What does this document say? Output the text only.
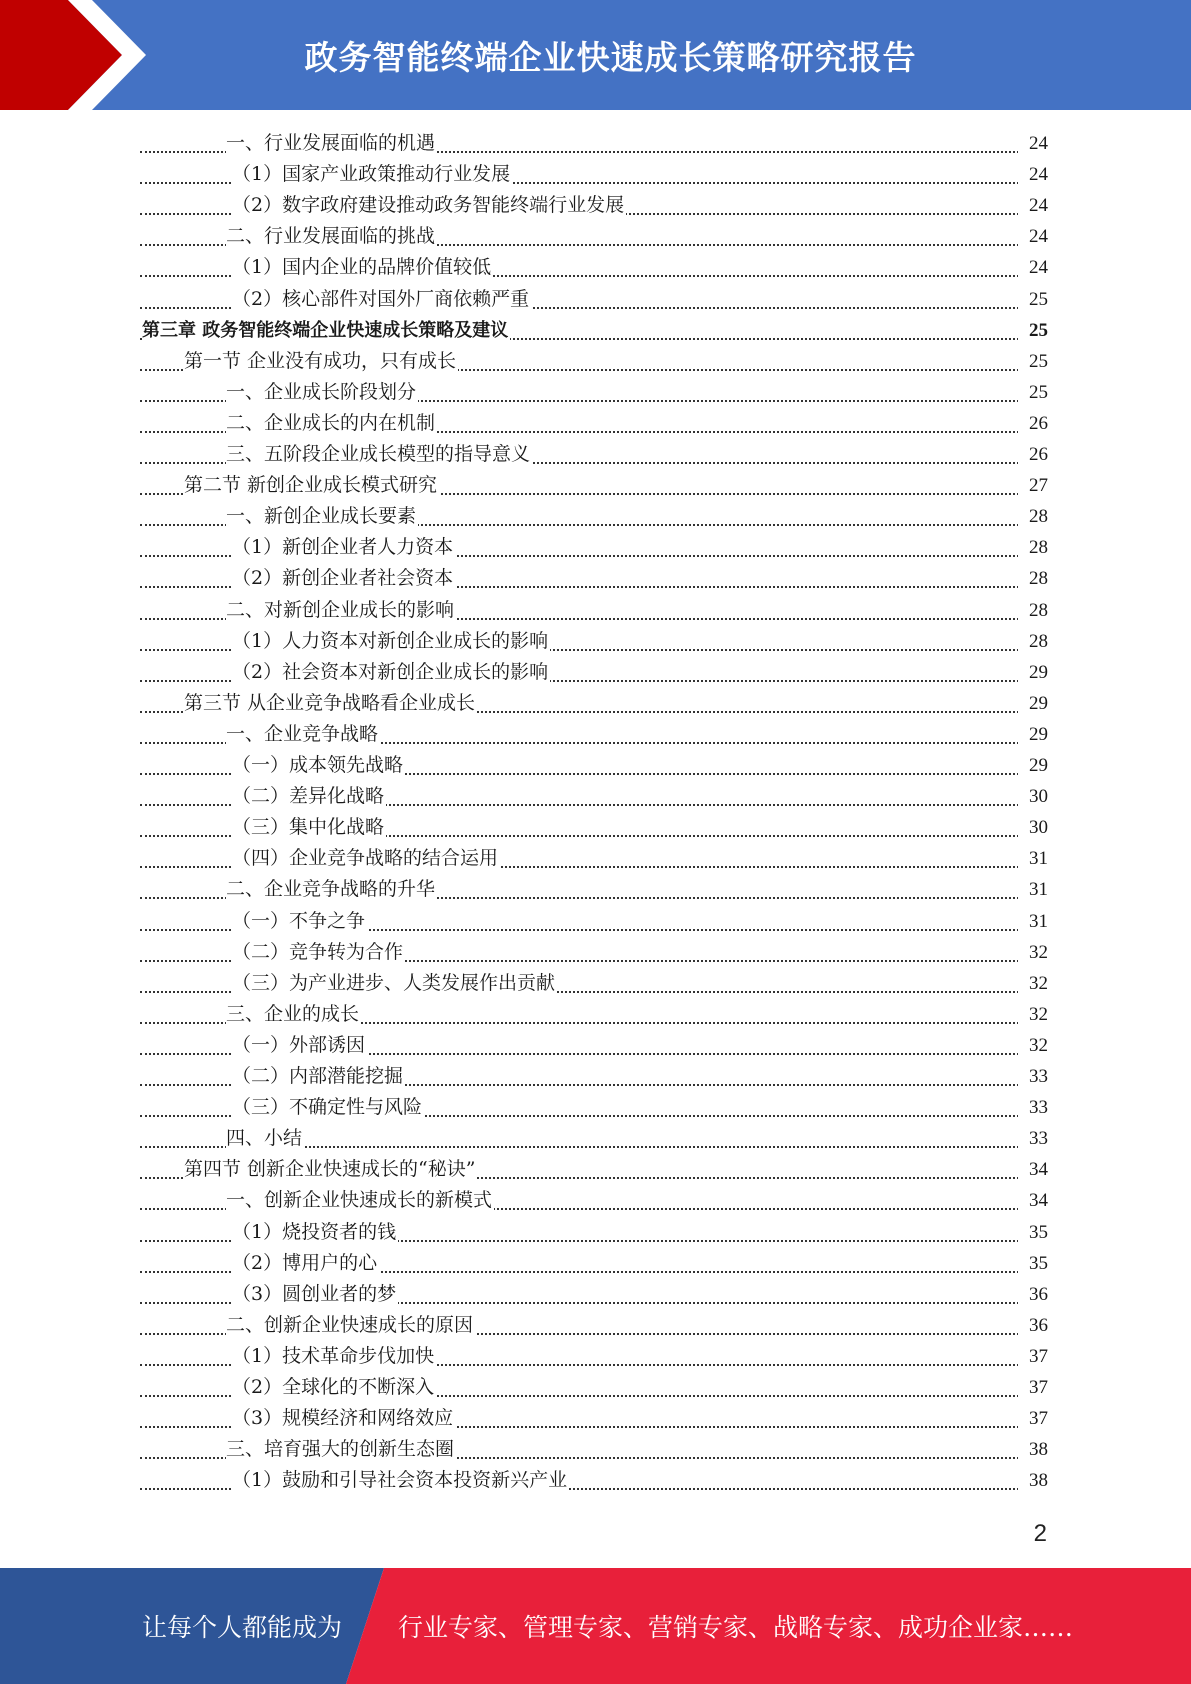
政务智能终端企业快速成长策略研究报告
一、行业发展面临的机遇	24
（1）国家产业政策推动行业发展	24
（2）数字政府建设推动政务智能终端行业发展	24
二、行业发展面临的挑战	24
（1）国内企业的品牌价值较低	24
（2）核心部件对国外厂商依赖严重	25
第三章 政务智能终端企业快速成长策略及建议	25
第一节 企业没有成功，只有成长	25
一、企业成长阶段划分	25
二、企业成长的内在机制	26
三、五阶段企业成长模型的指导意义	26
第二节 新创企业成长模式研究	27
一、新创企业成长要素	28
（1）新创企业者人力资本	28
（2）新创企业者社会资本	28
二、对新创企业成长的影响	28
（1）人力资本对新创企业成长的影响	28
（2）社会资本对新创企业成长的影响	29
第三节 从企业竞争战略看企业成长	29
一、企业竞争战略	29
（一）成本领先战略	29
（二）差异化战略	30
（三）集中化战略	30
（四）企业竞争战略的结合运用	31
二、企业竞争战略的升华	31
（一）不争之争	31
（二）竞争转为合作	32
（三）为产业进步、人类发展作出贡献	32
三、企业的成长	32
（一）外部诱因	32
（二）内部潜能挖掘	33
（三）不确定性与风险	33
四、小结	33
第四节 创新企业快速成长的“秘诀”	34
一、创新企业快速成长的新模式	34
（1）烧投资者的钱	35
（2）博用户的心	35
（3）圆创业者的梦	36
二、创新企业快速成长的原因	36
（1）技术革命步伐加快	37
（2）全球化的不断深入	37
（3）规模经济和网络效应	37
三、培育强大的创新生态圈	38
（1）鼓励和引导社会资本投资新兴产业	38
2
让每个人都能成为 行业专家、管理专家、营销专家、战略专家、成功企业家……
